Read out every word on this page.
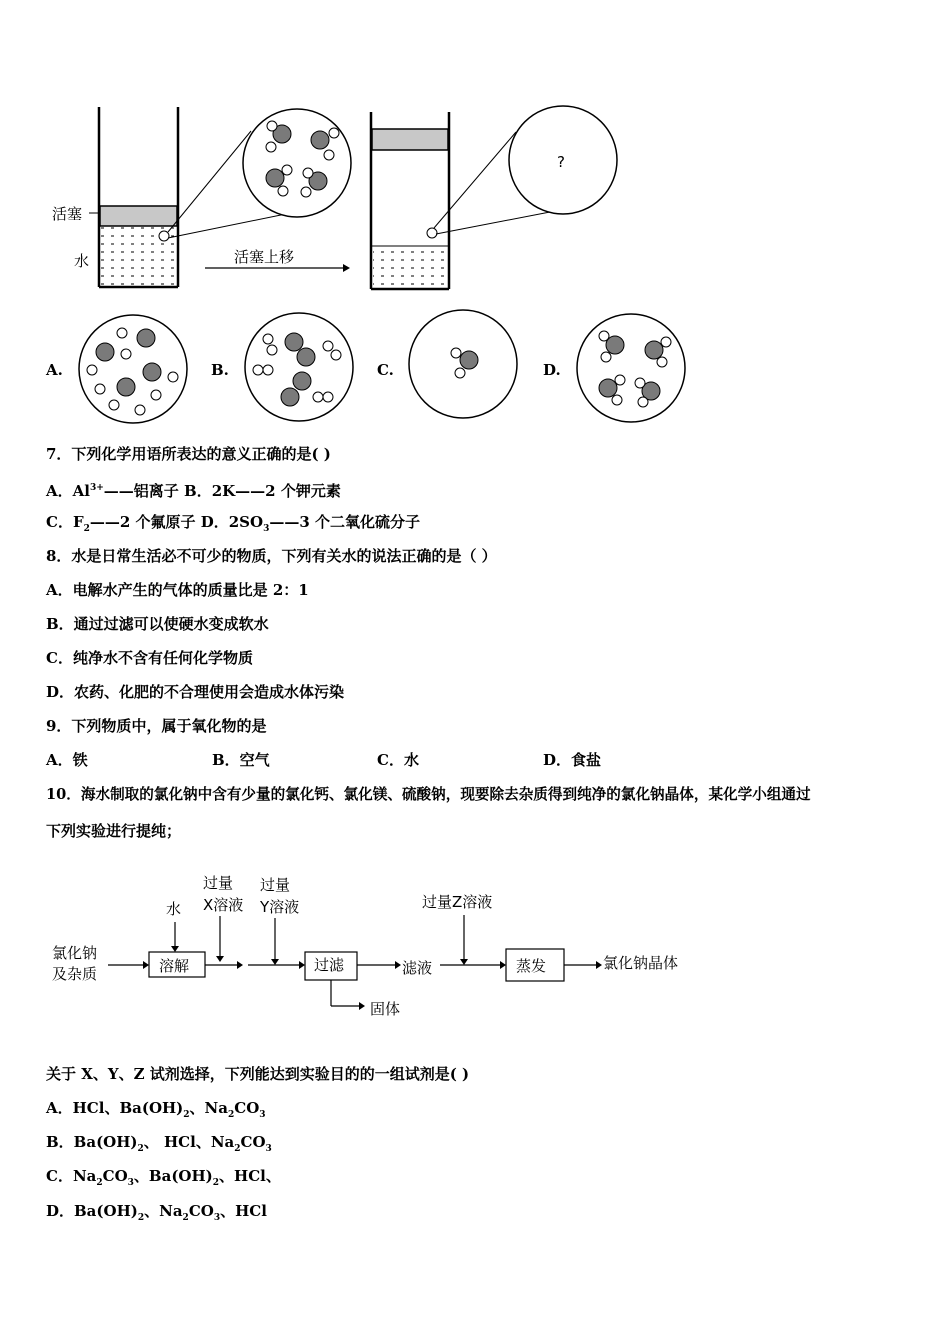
活塞
水	活塞上移
?
A.	B.	C.	D.
7．下列化学用语所表达的意义正确的是( )
A．$Al^{3+}——$铝离子 B．2K——2 个钾元素
C．$F_2——2$ 个氟原子 D．$2SO_3——3$ 个二氧化硫分子
8．水是日常生活必不可少的物质，下列有关水的说法正确的是（ ）
A．电解水产生的气体的质量比是 2：1
B．通过过滤可以使硬水变成软水
C．纯净水不含有任何化学物质
D．农药、化肥的不合理使用会造成水体污染
9．下列物质中，属于氧化物的是
A．铁	B．空气	C．水	D．食盐
10．海水制取的氯化钠中含有少量的氯化钙、氯化镁、硫酸钠，现要除去杂质得到纯净的氯化钠晶体，某化学小组通过
下列实验进行提纯；
氯化钠
及杂质
水
过量
X溶液
过量
Y溶液
溶解	过滤	滤液
过量Z溶液
蒸发	氯化钠晶体
固体
关于 X、Y、Z 试剂选择，下列能达到实验目的的一组试剂是( )
A．HCl、$Ba(OH)_2$、$Na_2CO_3$
B．$Ba(OH)_2$、 HCl、$Na_2CO_3$
C．$Na_2CO_3$、$Ba(OH)_2$、HCl、
D．$Ba(OH)_2$、$Na_2CO_3$、HCl
